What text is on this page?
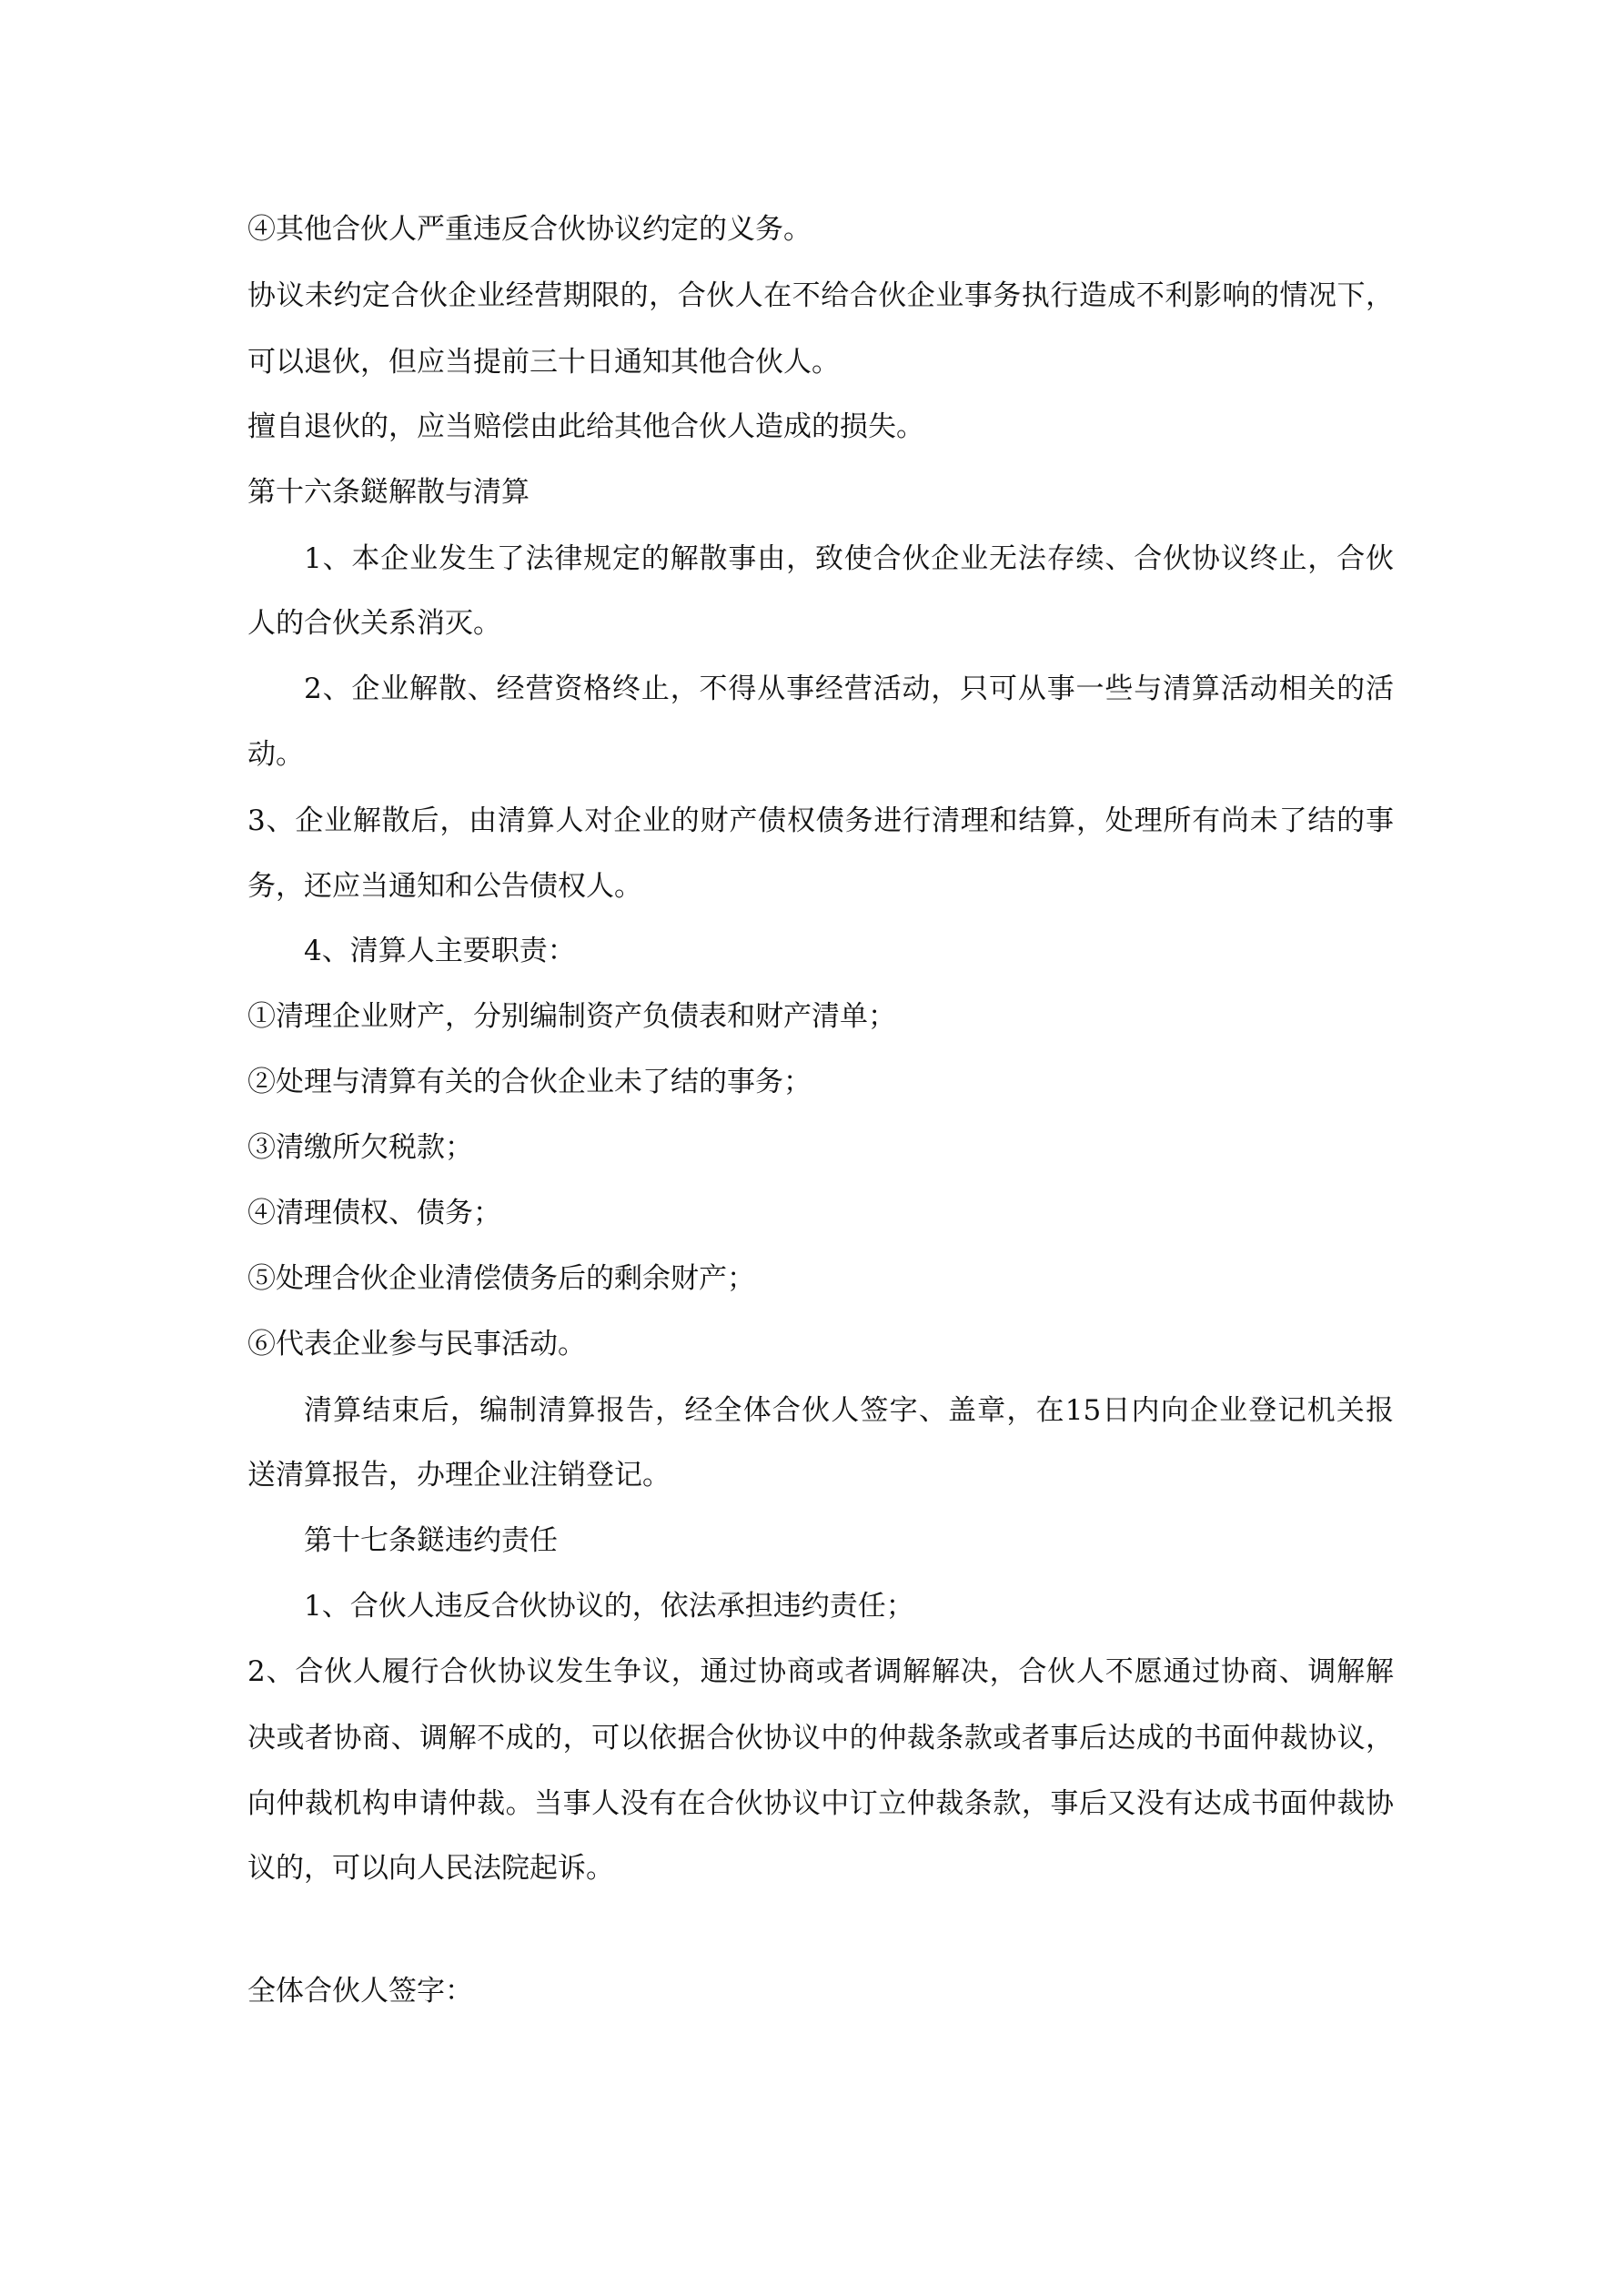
④其他合伙人严重违反合伙协议约定的义务。

协议未约定合伙企业经营期限的，合伙人在不给合伙企业事务执行造成不利影响的情况下，

可以退伙，但应当提前三十日通知其他合伙人。

擅自退伙的，应当赔偿由此给其他合伙人造成的损失。

第十六条鎹解散与清算

1、本企业发生了法律规定的解散事由，致使合伙企业无法存续、合伙协议终止，合伙

人的合伙关系消灭。

2、企业解散、经营资格终止，不得从事经营活动，只可从事一些与清算活动相关的活

动。

3、企业解散后，由清算人对企业的财产债权债务进行清理和结算，处理所有尚未了结的事

务，还应当通知和公告债权人。

4、清算人主要职责：

①清理企业财产，分别编制资产负债表和财产清单；

②处理与清算有关的合伙企业未了结的事务；

③清缴所欠税款；

④清理债权、债务；

⑤处理合伙企业清偿债务后的剩余财产；

⑥代表企业参与民事活动。

清算结束后，编制清算报告，经全体合伙人签字、盖章，在15日内向企业登记机关报

送清算报告，办理企业注销登记。

第十七条鎹违约责任

1、合伙人违反合伙协议的，依法承担违约责任；

2、合伙人履行合伙协议发生争议，通过协商或者调解解决，合伙人不愿通过协商、调解解

决或者协商、调解不成的，可以依据合伙协议中的仲裁条款或者事后达成的书面仲裁协议，

向仲裁机构申请仲裁。当事人没有在合伙协议中订立仲裁条款，事后又没有达成书面仲裁协

议的，可以向人民法院起诉。

全体合伙人签字：
